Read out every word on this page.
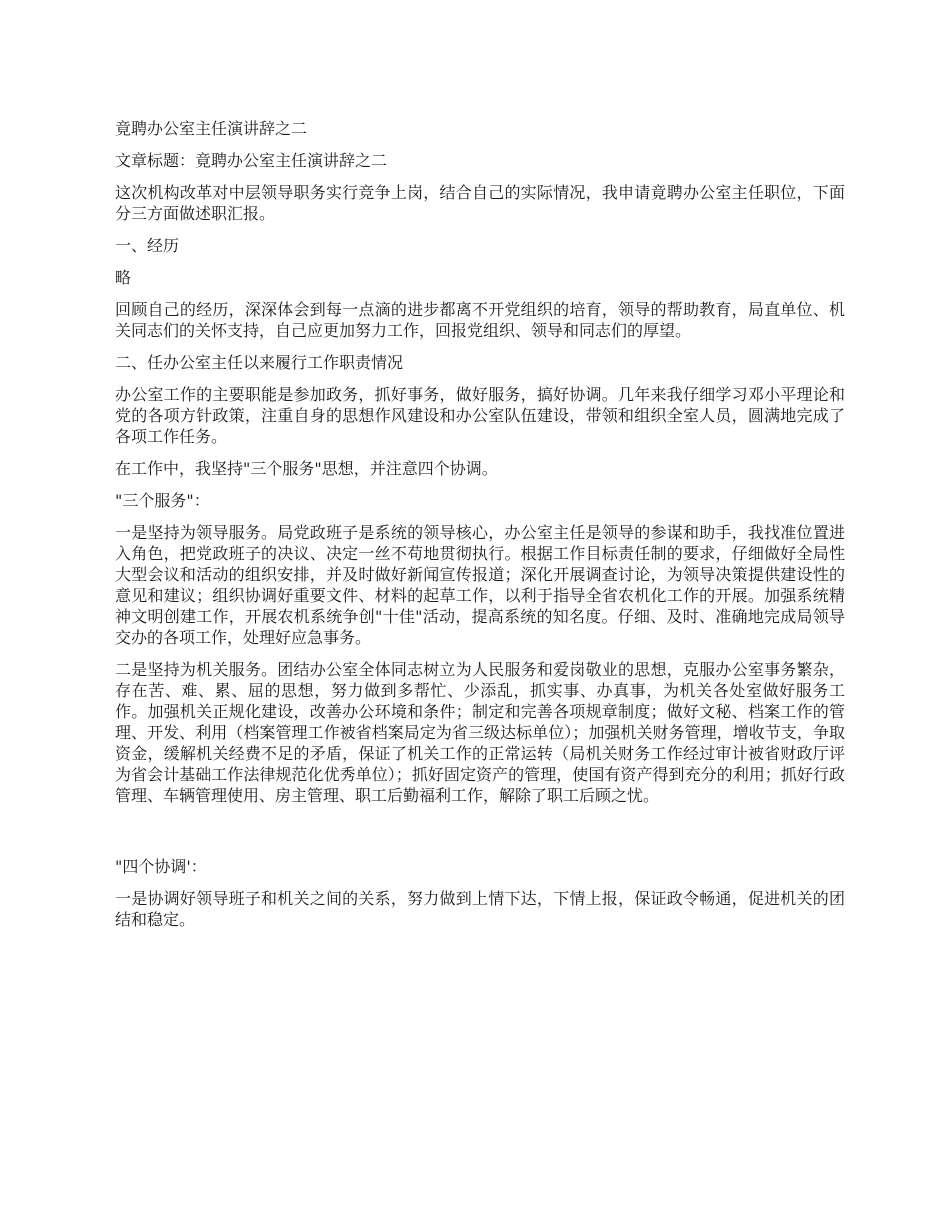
竟聘办公室主任演讲辞之二

文章标题：竟聘办公室主任演讲辞之二

这次机构改革对中层领导职务实行竞争上岗，结合自己的实际情况，我申请竟聘办公室主任职位，下面分三方面做述职汇报。

一、经历

略

回顾自己的经历，深深体会到每一点滴的进步都离不开党组织的培育，领导的帮助教育，局直单位、机关同志们的关怀支持，自己应更加努力工作，回报党组织、领导和同志们的厚望。

二、任办公室主任以来履行工作职责情况

办公室工作的主要职能是参加政务，抓好事务，做好服务，搞好协调。几年来我仔细学习邓小平理论和党的各项方针政策，注重自身的思想作风建设和办公室队伍建设，带领和组织全室人员，圆满地完成了各项工作任务。

在工作中，我坚持"三个服务"思想，并注意四个协调。

"三个服务"：

一是坚持为领导服务。局党政班子是系统的领导核心，办公室主任是领导的参谋和助手，我找准位置进入角色，把党政班子的决议、决定一丝不苟地贯彻执行。根据工作目标责任制的要求，仔细做好全局性大型会议和活动的组织安排，并及时做好新闻宣传报道；深化开展调查讨论，为领导决策提供建设性的意见和建议；组织协调好重要文件、材料的起草工作，以利于指导全省农机化工作的开展。加强系统精神文明创建工作，开展农机系统争创"十佳"活动，提高系统的知名度。仔细、及时、准确地完成局领导交办的各项工作，处理好应急事务。

二是坚持为机关服务。团结办公室全体同志树立为人民服务和爱岗敬业的思想，克服办公室事务繁杂，存在苦、难、累、屈的思想，努力做到多帮忙、少添乱，抓实事、办真事，为机关各处室做好服务工作。加强机关正规化建设，改善办公环境和条件；制定和完善各项规章制度；做好文秘、档案工作的管理、开发、利用（档案管理工作被省档案局定为省三级达标单位）；加强机关财务管理，增收节支，争取资金，缓解机关经费不足的矛盾，保证了机关工作的正常运转（局机关财务工作经过审计被省财政厅评为省会计基础工作法律规范化优秀单位）；抓好固定资产的管理，使国有资产得到充分的利用；抓好行政管理、车辆管理使用、房主管理、职工后勤福利工作，解除了职工后顾之忧。

"四个协调'：

一是协调好领导班子和机关之间的关系，努力做到上情下达，下情上报，保证政令畅通，促进机关的团结和稳定。
